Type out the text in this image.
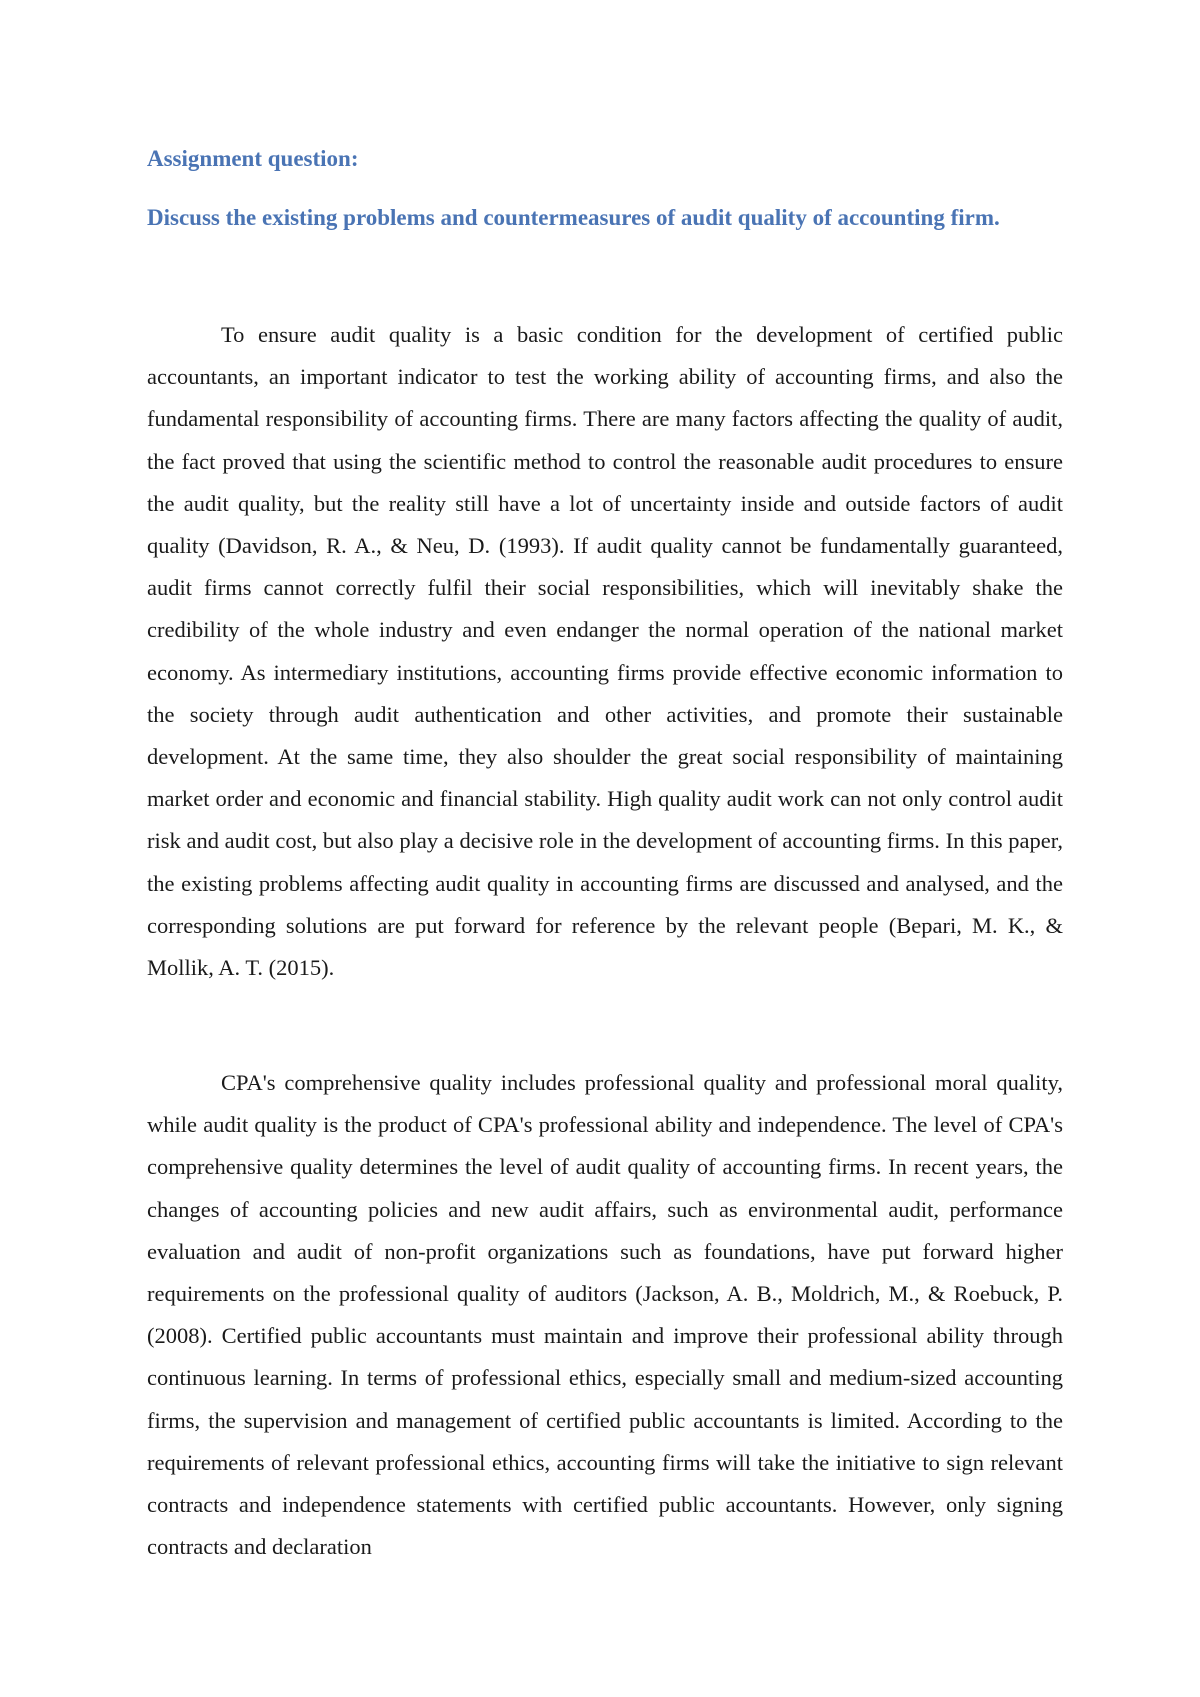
Assignment question:
Discuss the existing problems and countermeasures of audit quality of accounting firm.

To ensure audit quality is a basic condition for the development of certified public accountants, an important indicator to test the working ability of accounting firms, and also the fundamental responsibility of accounting firms. There are many factors affecting the quality of audit, the fact proved that using the scientific method to control the reasonable audit procedures to ensure the audit quality, but the reality still have a lot of uncertainty inside and outside factors of audit quality (Davidson, R. A., & Neu, D. (1993). If audit quality cannot be fundamentally guaranteed, audit firms cannot correctly fulfil their social responsibilities, which will inevitably shake the credibility of the whole industry and even endanger the normal operation of the national market economy. As intermediary institutions, accounting firms provide effective economic information to the society through audit authentication and other activities, and promote their sustainable development. At the same time, they also shoulder the great social responsibility of maintaining market order and economic and financial stability. High quality audit work can not only control audit risk and audit cost, but also play a decisive role in the development of accounting firms. In this paper, the existing problems affecting audit quality in accounting firms are discussed and analysed, and the corresponding solutions are put forward for reference by the relevant people (Bepari, M. K., & Mollik, A. T. (2015).

CPA's comprehensive quality includes professional quality and professional moral quality, while audit quality is the product of CPA's professional ability and independence. The level of CPA's comprehensive quality determines the level of audit quality of accounting firms. In recent years, the changes of accounting policies and new audit affairs, such as environmental audit, performance evaluation and audit of non-profit organizations such as foundations, have put forward higher requirements on the professional quality of auditors (Jackson, A. B., Moldrich, M., & Roebuck, P. (2008). Certified public accountants must maintain and improve their professional ability through continuous learning. In terms of professional ethics, especially small and medium-sized accounting firms, the supervision and management of certified public accountants is limited. According to the requirements of relevant professional ethics, accounting firms will take the initiative to sign relevant contracts and independence statements with certified public accountants. However, only signing contracts and declaration
